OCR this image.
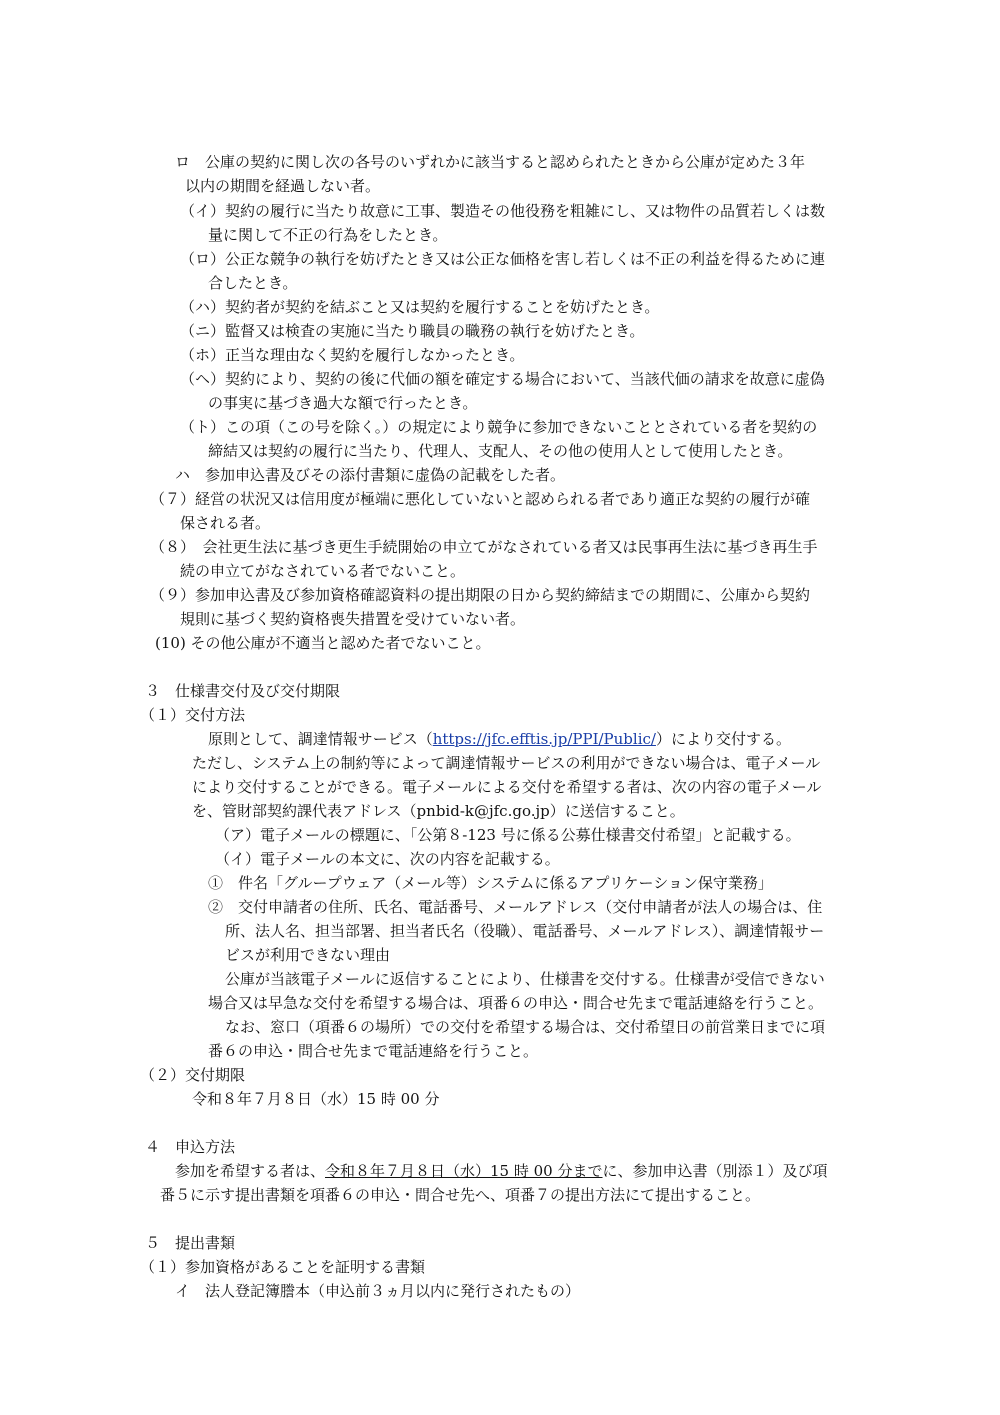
ロ　公庫の契約に関し次の各号のいずれかに該当すると認められたときから公庫が定めた３年
以内の期間を経過しない者。
（イ）契約の履行に当たり故意に工事、製造その他役務を粗雑にし、又は物件の品質若しくは数
量に関して不正の行為をしたとき。
（ロ）公正な競争の執行を妨げたとき又は公正な価格を害し若しくは不正の利益を得るために連
合したとき。
（ハ）契約者が契約を結ぶこと又は契約を履行することを妨げたとき。
（ニ）監督又は検査の実施に当たり職員の職務の執行を妨げたとき。
（ホ）正当な理由なく契約を履行しなかったとき。
（ヘ）契約により、契約の後に代価の額を確定する場合において、当該代価の請求を故意に虚偽
の事実に基づき過大な額で行ったとき。
（ト）この項（この号を除く。）の規定により競争に参加できないこととされている者を契約の
締結又は契約の履行に当たり、代理人、支配人、その他の使用人として使用したとき。
ハ　参加申込書及びその添付書類に虚偽の記載をした者。
（７）経営の状況又は信用度が極端に悪化していないと認められる者であり適正な契約の履行が確
保される者。
（８）　会社更生法に基づき更生手続開始の申立てがなされている者又は民事再生法に基づき再生手
続の申立てがなされている者でないこと。
（９）参加申込書及び参加資格確認資料の提出期限の日から契約締結までの期間に、公庫から契約
規則に基づく契約資格喪失措置を受けていない者。
(10) その他公庫が不適当と認めた者でないこと。
３　仕様書交付及び交付期限
（１）交付方法
原則として、調達情報サービス（https://jfc.efftis.jp/PPI/Public/）により交付する。
ただし、システム上の制約等によって調達情報サービスの利用ができない場合は、電子メール
により交付することができる。電子メールによる交付を希望する者は、次の内容の電子メール
を、管財部契約課代表アドレス（pnbid-k@jfc.go.jp）に送信すること。
（ア）電子メールの標題に、「公第８-123 号に係る公募仕様書交付希望」と記載する。
（イ）電子メールの本文に、次の内容を記載する。
①　件名「グループウェア（メール等）システムに係るアプリケーション保守業務」
②　交付申請者の住所、氏名、電話番号、メールアドレス（交付申請者が法人の場合は、住
所、法人名、担当部署、担当者氏名（役職）、電話番号、メールアドレス）、調達情報サー
ビスが利用できない理由
公庫が当該電子メールに返信することにより、仕様書を交付する。仕様書が受信できない
場合又は早急な交付を希望する場合は、項番６の申込・問合せ先まで電話連絡を行うこと。
なお、窓口（項番６の場所）での交付を希望する場合は、交付希望日の前営業日までに項
番６の申込・問合せ先まで電話連絡を行うこと。
（２）交付期限
令和８年７月８日（水）15 時 00 分
４　申込方法
参加を希望する者は、令和８年７月８日（水）15 時 00 分までに、参加申込書（別添１）及び項
番５に示す提出書類を項番６の申込・問合せ先へ、項番７の提出方法にて提出すること。
５　提出書類
（１）参加資格があることを証明する書類
イ　法人登記簿謄本（申込前３ヵ月以内に発行されたもの）
